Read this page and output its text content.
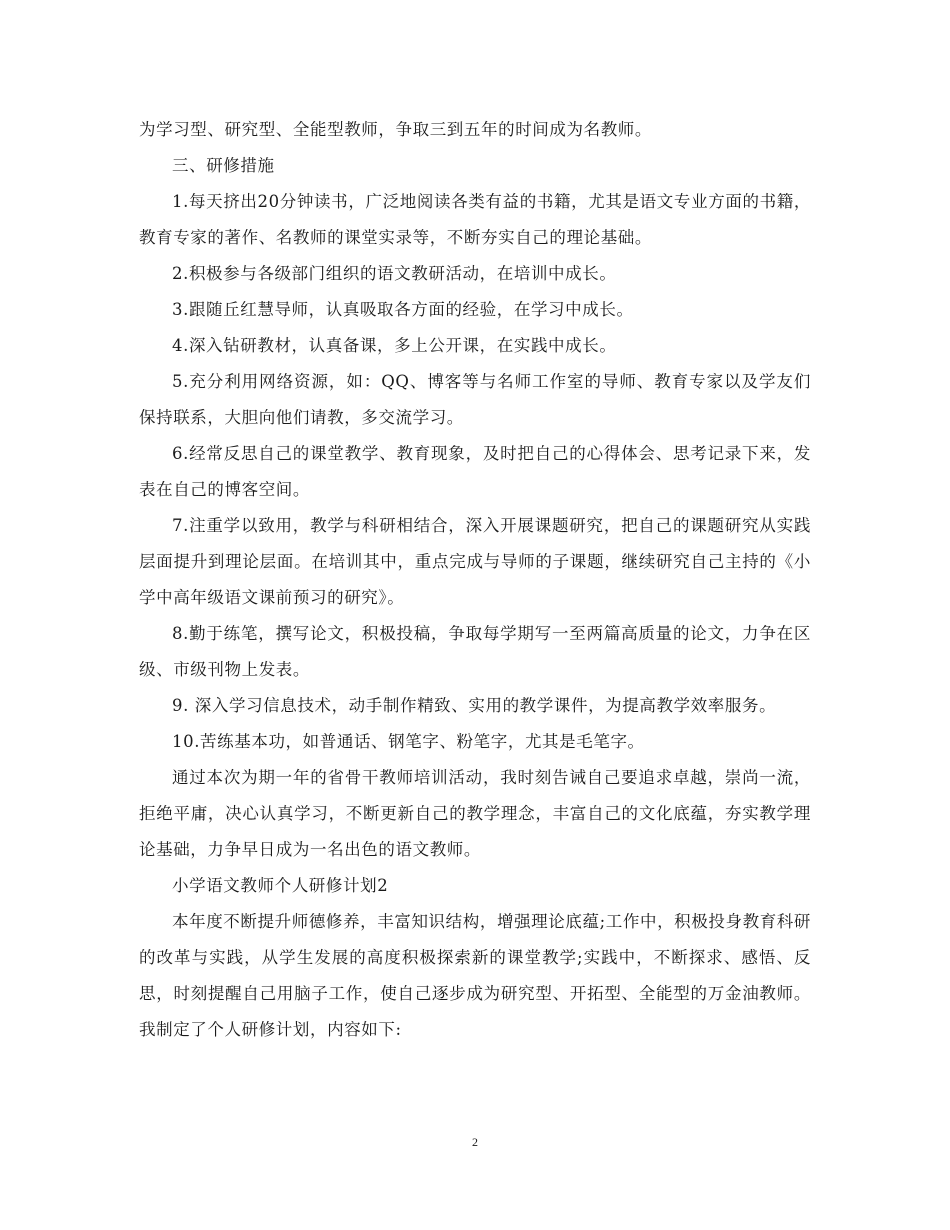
为学习型、研究型、全能型教师，争取三到五年的时间成为名教师。

三、研修措施

1.每天挤出20分钟读书，广泛地阅读各类有益的书籍，尤其是语文专业方面的书籍，教育专家的著作、名教师的课堂实录等，不断夯实自己的理论基础。

2.积极参与各级部门组织的语文教研活动，在培训中成长。

3.跟随丘红慧导师，认真吸取各方面的经验，在学习中成长。

4.深入钻研教材，认真备课，多上公开课，在实践中成长。

5.充分利用网络资源，如：QQ、博客等与名师工作室的导师、教育专家以及学友们保持联系，大胆向他们请教，多交流学习。

6.经常反思自己的课堂教学、教育现象，及时把自己的心得体会、思考记录下来，发表在自己的博客空间。

7.注重学以致用，教学与科研相结合，深入开展课题研究，把自己的课题研究从实践层面提升到理论层面。在培训其中，重点完成与导师的子课题，继续研究自己主持的《小学中高年级语文课前预习的研究》。

8.勤于练笔，撰写论文，积极投稿，争取每学期写一至两篇高质量的论文，力争在区级、市级刊物上发表。

9. 深入学习信息技术，动手制作精致、实用的教学课件，为提高教学效率服务。

10.苦练基本功，如普通话、钢笔字、粉笔字，尤其是毛笔字。

通过本次为期一年的省骨干教师培训活动，我时刻告诫自己要追求卓越，崇尚一流，拒绝平庸，决心认真学习，不断更新自己的教学理念，丰富自己的文化底蕴，夯实教学理论基础，力争早日成为一名出色的语文教师。

小学语文教师个人研修计划2

本年度不断提升师德修养，丰富知识结构，增强理论底蕴;工作中，积极投身教育科研的改革与实践，从学生发展的高度积极探索新的课堂教学;实践中，不断探求、感悟、反思，时刻提醒自己用脑子工作，使自己逐步成为研究型、开拓型、全能型的万金油教师。我制定了个人研修计划，内容如下:

2
